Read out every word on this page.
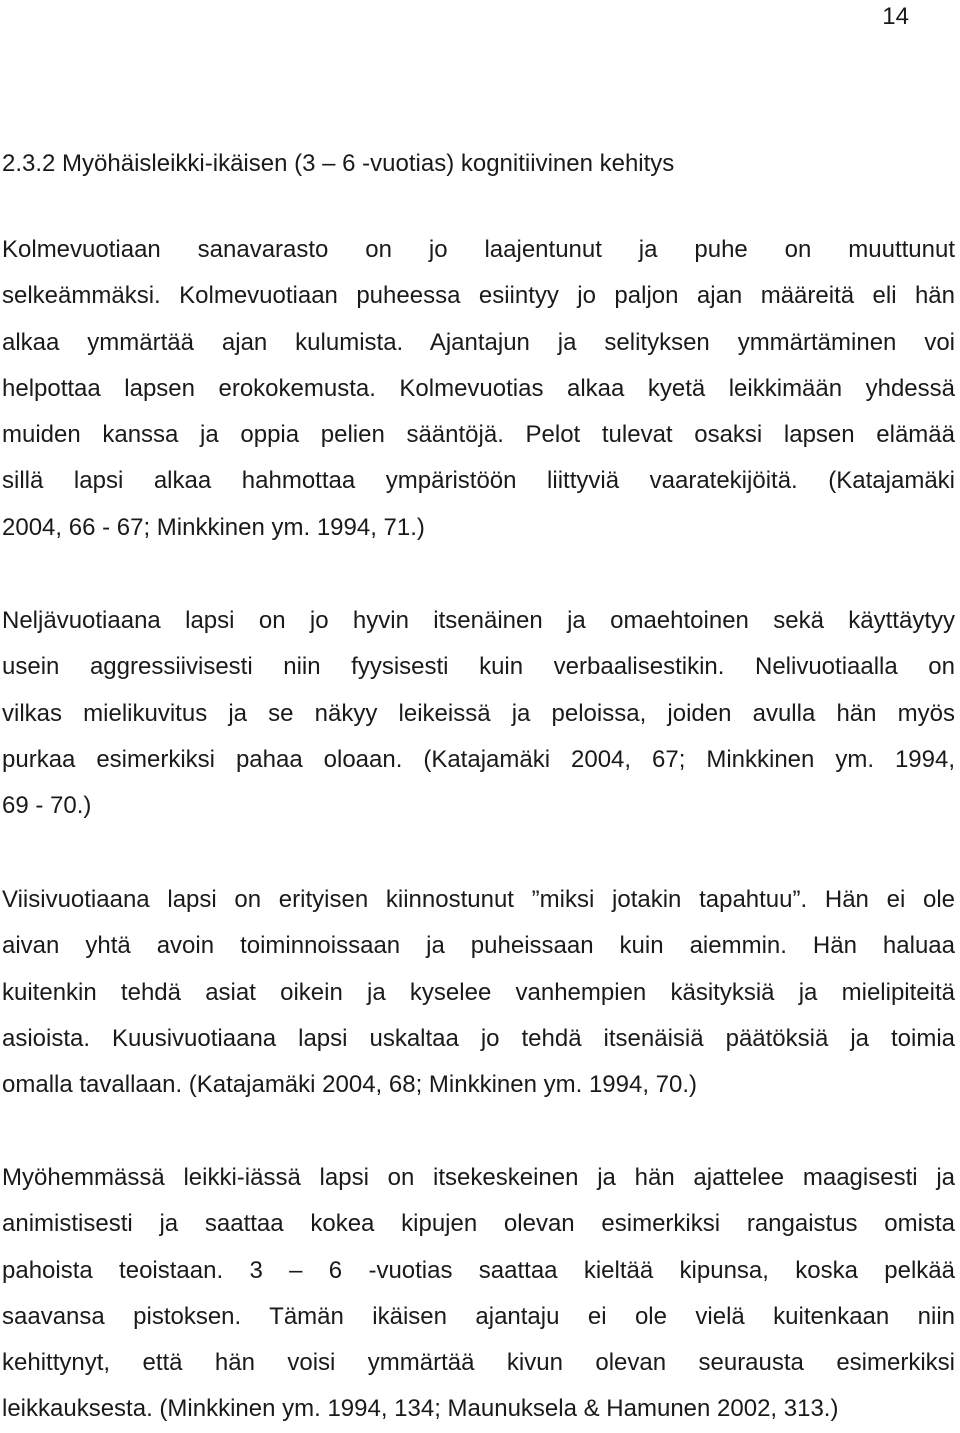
14
2.3.2 Myöhäisleikki-ikäisen (3 – 6 -vuotias) kognitiivinen kehitys
Kolmevuotiaan sanavarasto on jo laajentunut ja puhe on muuttunut
selkeämmäksi. Kolmevuotiaan puheessa esiintyy jo paljon ajan määreitä eli hän
alkaa ymmärtää ajan kulumista. Ajantajun ja selityksen ymmärtäminen voi
helpottaa lapsen erokokemusta. Kolmevuotias alkaa kyetä leikkimään yhdessä
muiden kanssa ja oppia pelien sääntöjä. Pelot tulevat osaksi lapsen elämää
sillä lapsi alkaa hahmottaa ympäristöön liittyviä vaaratekijöitä. (Katajamäki
2004, 66 - 67; Minkkinen ym. 1994, 71.)
Neljävuotiaana lapsi on jo hyvin itsenäinen ja omaehtoinen sekä käyttäytyy
usein aggressiivisesti niin fyysisesti kuin verbaalisestikin. Nelivuotiaalla on
vilkas mielikuvitus ja se näkyy leikeissä ja peloissa, joiden avulla hän myös
purkaa esimerkiksi pahaa oloaan. (Katajamäki 2004, 67; Minkkinen ym. 1994,
69 - 70.)
Viisivuotiaana lapsi on erityisen kiinnostunut ”miksi jotakin tapahtuu”. Hän ei ole
aivan yhtä avoin toiminnoissaan ja puheissaan kuin aiemmin. Hän haluaa
kuitenkin tehdä asiat oikein ja kyselee vanhempien käsityksiä ja mielipiteitä
asioista. Kuusivuotiaana lapsi uskaltaa jo tehdä itsenäisiä päätöksiä ja toimia
omalla tavallaan. (Katajamäki 2004, 68; Minkkinen ym. 1994, 70.)
Myöhemmässä leikki-iässä lapsi on itsekeskeinen ja hän ajattelee maagisesti ja
animistisesti ja saattaa kokea kipujen olevan esimerkiksi rangaistus omista
pahoista teoistaan. 3 – 6 -vuotias saattaa kieltää kipunsa, koska pelkää
saavansa pistoksen. Tämän ikäisen ajantaju ei ole vielä kuitenkaan niin
kehittynyt, että hän voisi ymmärtää kivun olevan seurausta esimerkiksi
leikkauksesta. (Minkkinen ym. 1994, 134; Maunuksela & Hamunen 2002, 313.)
